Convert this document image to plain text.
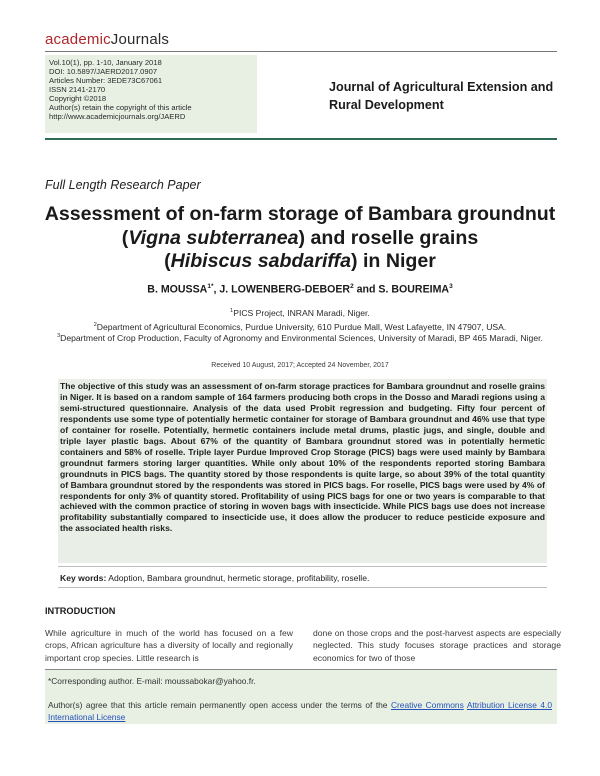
academicJournals
Vol.10(1), pp. 1-10, January 2018
DOI: 10.5897/JAERD2017.0907
Articles Number: 3EDE73C67061
ISSN 2141-2170
Copyright ©2018
Author(s) retain the copyright of this article
http://www.academicjournals.org/JAERD
Journal of Agricultural Extension and
Rural Development
Full Length Research Paper
Assessment of on-farm storage of Bambara groundnut
(Vigna subterranea) and roselle grains
(Hibiscus sabdariffa) in Niger
B. $MOUSSA^{1*}$, J. LOWENBERG-DEBOER$^2$ and S. BOUREIMA$^3$
$^1$PICS Project, INRAN Maradi, Niger.
$^2$Department of Agricultural Economics, Purdue University, 610 Purdue Mall, West Lafayette, IN 47907, USA.
$^3$Department of Crop Production, Faculty of Agronomy and Environmental Sciences, University of Maradi, BP 465 Maradi, Niger.
Received 10 August, 2017; Accepted 24 November, 2017

The objective of this study was an assessment of on-farm storage practices for Bambara groundnut and roselle grains in Niger. It is based on a random sample of 164 farmers producing both crops in the Dosso and Maradi regions using a semi-structured questionnaire. Analysis of the data used Probit regression and budgeting. Fifty four percent of respondents use some type of potentially hermetic container for storage of Bambara groundnut and 46% use that type of container for roselle. Potentially, hermetic containers include metal drums, plastic jugs, and single, double and triple layer plastic bags. About 67% of the quantity of Bambara groundnut stored was in potentially hermetic containers and 58% of roselle. Triple layer Purdue Improved Crop Storage (PICS) bags were used mainly by Bambara groundnut farmers storing larger quantities. While only about 10% of the respondents reported storing Bambara groundnuts in PICS bags. The quantity stored by those respondents is quite large, so about 39% of the total quantity of Bambara groundnut stored by the respondents was stored in PICS bags. For roselle, PICS bags were used by 4% of respondents for only 3% of quantity stored. Profitability of using PICS bags for one or two years is comparable to that achieved with the common practice of storing in woven bags with insecticide. While PICS bags use does not increase profitability substantially compared to insecticide use, it does allow the producer to reduce pesticide exposure and the associated health risks.

Key words: Adoption, Bambara groundnut, hermetic storage, profitability, roselle.
INTRODUCTION
While agriculture in much of the world has focused on a few crops, African agriculture has a diversity of locally and regionally important crop species. Little research is
done on those crops and the post-harvest aspects are especially neglected. This study focuses storage practices and storage economics for two of those
*Corresponding author. E-mail: moussabokar@yahoo.fr.
Author(s) agree that this article remain permanently open access under the terms of the Creative Commons Attribution License 4.0 International License
